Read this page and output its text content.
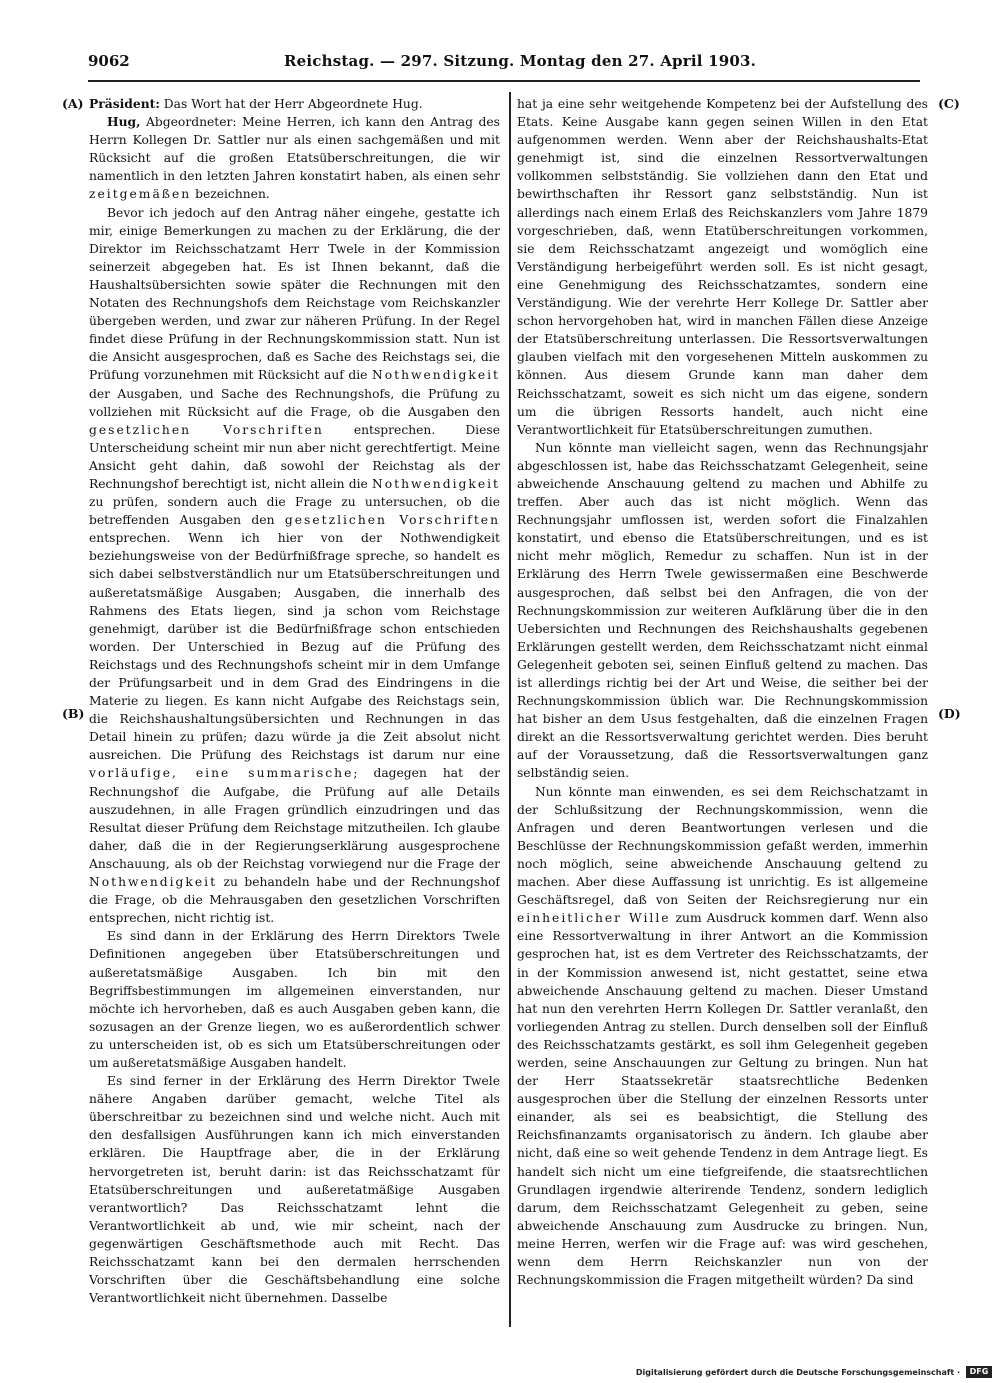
9062	Reichstag. — 297. Sitzung. Montag den 27. April 1903.
(A)
(B)
(C)
(D)

Präsident: Das Wort hat der Herr Abgeordnete Hug.

Hug, Abgeordneter: Meine Herren, ich kann den Antrag des Herrn Kollegen Dr. Sattler nur als einen sachgemäßen und mit Rücksicht auf die großen Etatsüberschreitungen, die wir namentlich in den letzten Jahren konstatirt haben, als einen sehr zeitgemäßen bezeichnen.

Bevor ich jedoch auf den Antrag näher eingehe, gestatte ich mir, einige Bemerkungen zu machen zu der Erklärung, die der Direktor im Reichsschatzamt Herr Twele in der Kommission seinerzeit abgegeben hat. Es ist Ihnen bekannt, daß die Haushaltsübersichten sowie später die Rechnungen mit den Notaten des Rechnungshofs dem Reichstage vom Reichskanzler übergeben werden, und zwar zur näheren Prüfung. In der Regel findet diese Prüfung in der Rechnungskommission statt. Nun ist die Ansicht ausgesprochen, daß es Sache des Reichstags sei, die Prüfung vorzunehmen mit Rücksicht auf die Nothwendigkeit der Ausgaben, und Sache des Rechnungshofs, die Prüfung zu vollziehen mit Rücksicht auf die Frage, ob die Ausgaben den gesetzlichen Vorschriften entsprechen. Diese Unterscheidung scheint mir nun aber nicht gerechtfertigt. Meine Ansicht geht dahin, daß sowohl der Reichstag als der Rechnungshof berechtigt ist, nicht allein die Nothwendigkeit zu prüfen, sondern auch die Frage zu untersuchen, ob die betreffenden Ausgaben den gesetzlichen Vorschriften entsprechen. Wenn ich hier von der Nothwendigkeit beziehungsweise von der Bedürfnißfrage spreche, so handelt es sich dabei selbstverständlich nur um Etatsüberschreitungen und außeretatsmäßige Ausgaben; Ausgaben, die innerhalb des Rahmens des Etats liegen, sind ja schon vom Reichstage genehmigt, darüber ist die Bedürfnißfrage schon entschieden worden. Der Unterschied in Bezug auf die Prüfung des Reichstags und des Rechnungshofs scheint mir in dem Umfange der Prüfungsarbeit und in dem Grad des Eindringens in die Materie zu liegen. Es kann nicht Aufgabe des Reichstags sein, die Reichshaushaltungsübersichten und Rechnungen in das Detail hinein zu prüfen; dazu würde ja die Zeit absolut nicht ausreichen. Die Prüfung des Reichstags ist darum nur eine vorläufige, eine summarische; dagegen hat der Rechnungshof die Aufgabe, die Prüfung auf alle Details auszudehnen, in alle Fragen gründlich einzudringen und das Resultat dieser Prüfung dem Reichstage mitzutheilen. Ich glaube daher, daß die in der Regierungserklärung ausgesprochene Anschauung, als ob der Reichstag vorwiegend nur die Frage der Nothwendigkeit zu behandeln habe und der Rechnungshof die Frage, ob die Mehrausgaben den gesetzlichen Vorschriften entsprechen, nicht richtig ist.

Es sind dann in der Erklärung des Herrn Direktors Twele Definitionen angegeben über Etatsüberschreitungen und außeretatsmäßige Ausgaben. Ich bin mit den Begriffsbestimmungen im allgemeinen einverstanden, nur möchte ich hervorheben, daß es auch Ausgaben geben kann, die sozusagen an der Grenze liegen, wo es außerordentlich schwer zu unterscheiden ist, ob es sich um Etatsüberschreitungen oder um außeretatsmäßige Ausgaben handelt.

Es sind ferner in der Erklärung des Herrn Direktor Twele nähere Angaben darüber gemacht, welche Titel als überschreitbar zu bezeichnen sind und welche nicht. Auch mit den desfallsigen Ausführungen kann ich mich einverstanden erklären. Die Hauptfrage aber, die in der Erklärung hervorgetreten ist, beruht darin: ist das Reichsschatzamt für Etatsüberschreitungen und außeretatmäßige Ausgaben verantwortlich? Das Reichsschatzamt lehnt die Verantwortlichkeit ab und, wie mir scheint, nach der gegenwärtigen Geschäftsmethode auch mit Recht. Das Reichsschatzamt kann bei den dermalen herrschenden Vorschriften über die Geschäftsbehandlung eine solche Verantwortlichkeit nicht übernehmen. Dasselbe

hat ja eine sehr weitgehende Kompetenz bei der Aufstellung des Etats. Keine Ausgabe kann gegen seinen Willen in den Etat aufgenommen werden. Wenn aber der Reichshaushalts-Etat genehmigt ist, sind die einzelnen Ressortverwaltungen vollkommen selbstständig. Sie vollziehen dann den Etat und bewirthschaften ihr Ressort ganz selbstständig. Nun ist allerdings nach einem Erlaß des Reichskanzlers vom Jahre 1879 vorgeschrieben, daß, wenn Etatüberschreitungen vorkommen, sie dem Reichsschatzamt angezeigt und womöglich eine Verständigung herbeigeführt werden soll. Es ist nicht gesagt, eine Genehmigung des Reichsschatzamtes, sondern eine Verständigung. Wie der verehrte Herr Kollege Dr. Sattler aber schon hervorgehoben hat, wird in manchen Fällen diese Anzeige der Etatsüberschreitung unterlassen. Die Ressortsverwaltungen glauben vielfach mit den vorgesehenen Mitteln auskommen zu können. Aus diesem Grunde kann man daher dem Reichsschatzamt, soweit es sich nicht um das eigene, sondern um die übrigen Ressorts handelt, auch nicht eine Verantwortlichkeit für Etatsüberschreitungen zumuthen.

Nun könnte man vielleicht sagen, wenn das Rechnungsjahr abgeschlossen ist, habe das Reichsschatzamt Gelegenheit, seine abweichende Anschauung geltend zu machen und Abhilfe zu treffen. Aber auch das ist nicht möglich. Wenn das Rechnungsjahr umflossen ist, werden sofort die Finalzahlen konstatirt, und ebenso die Etatsüberschreitungen, und es ist nicht mehr möglich, Remedur zu schaffen. Nun ist in der Erklärung des Herrn Twele gewissermaßen eine Beschwerde ausgesprochen, daß selbst bei den Anfragen, die von der Rechnungskommission zur weiteren Aufklärung über die in den Uebersichten und Rechnungen des Reichshaushalts gegebenen Erklärungen gestellt werden, dem Reichsschatzamt nicht einmal Gelegenheit geboten sei, seinen Einfluß geltend zu machen. Das ist allerdings richtig bei der Art und Weise, die seither bei der Rechnungskommission üblich war. Die Rechnungskommission hat bisher an dem Usus festgehalten, daß die einzelnen Fragen direkt an die Ressortsverwaltung gerichtet werden. Dies beruht auf der Voraussetzung, daß die Ressortsverwaltungen ganz selbständig seien.

Nun könnte man einwenden, es sei dem Reichschatzamt in der Schlußsitzung der Rechnungskommission, wenn die Anfragen und deren Beantwortungen verlesen und die Beschlüsse der Rechnungskommission gefaßt werden, immerhin noch möglich, seine abweichende Anschauung geltend zu machen. Aber diese Auffassung ist unrichtig. Es ist allgemeine Geschäftsregel, daß von Seiten der Reichsregierung nur ein einheitlicher Wille zum Ausdruck kommen darf. Wenn also eine Ressortverwaltung in ihrer Antwort an die Kommission gesprochen hat, ist es dem Vertreter des Reichsschatzamts, der in der Kommission anwesend ist, nicht gestattet, seine etwa abweichende Anschauung geltend zu machen. Dieser Umstand hat nun den verehrten Herrn Kollegen Dr. Sattler veranlaßt, den vorliegenden Antrag zu stellen. Durch denselben soll der Einfluß des Reichsschatzamts gestärkt, es soll ihm Gelegenheit gegeben werden, seine Anschauungen zur Geltung zu bringen. Nun hat der Herr Staatssekretär staatsrechtliche Bedenken ausgesprochen über die Stellung der einzelnen Ressorts unter einander, als sei es beabsichtigt, die Stellung des Reichsfinanzamts organisatorisch zu ändern. Ich glaube aber nicht, daß eine so weit gehende Tendenz in dem Antrage liegt. Es handelt sich nicht um eine tiefgreifende, die staatsrechtlichen Grundlagen irgendwie alterirende Tendenz, sondern lediglich darum, dem Reichsschatzamt Gelegenheit zu geben, seine abweichende Anschauung zum Ausdrucke zu bringen. Nun, meine Herren, werfen wir die Frage auf: was wird geschehen, wenn dem Herrn Reichskanzler nun von der Rechnungskommission die Fragen mitgetheilt würden? Da sind

Digitalisierung gefördert durch die Deutsche Forschungsgemeinschaft ·	DFG
